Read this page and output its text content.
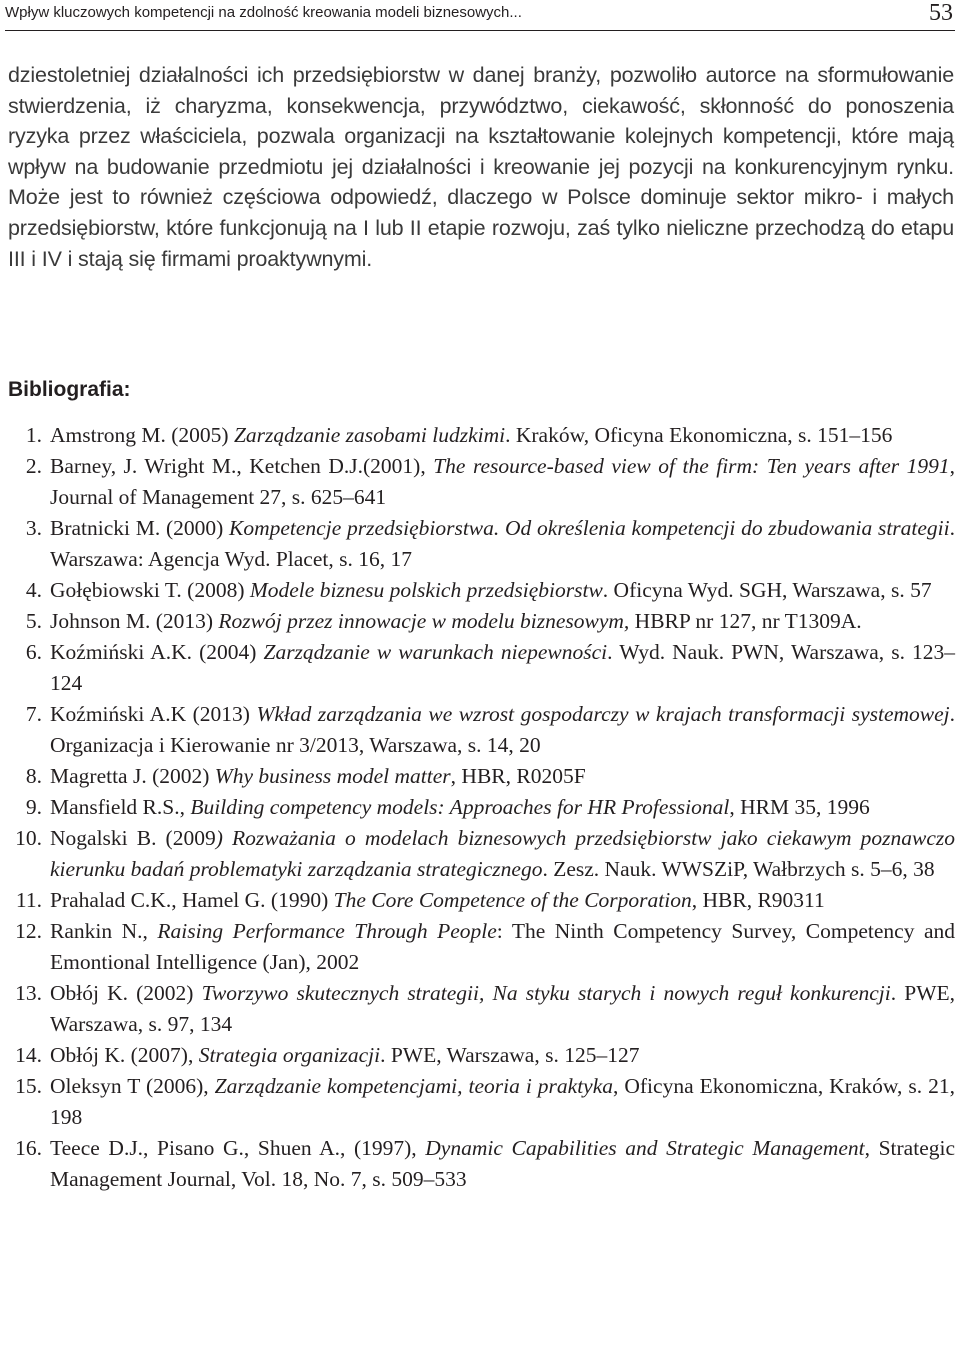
Wpływ kluczowych kompetencji na zdolność kreowania modeli biznesowych...	53

dziestoletniej działalności ich przedsiębiorstw w danej branży, pozwoliło autorce na sformułowanie stwierdzenia, iż charyzma, konsekwencja, przywództwo, ciekawość, skłonność do ponoszenia ryzyka przez właściciela, pozwala organizacji na kształtowanie kolejnych kompetencji, które mają wpływ na budowanie przedmiotu jej działalności i kreowanie jej pozycji na konkurencyjnym rynku. Może jest to również częściowa odpowiedź, dlaczego w Polsce dominuje sektor mikro- i małych przedsiębiorstw, które funkcjonują na I lub II etapie rozwoju, zaś tylko nieliczne przechodzą do etapu III i IV i stają się firmami proaktywnymi.

Bibliografia:
1. Amstrong M. (2005) Zarządzanie zasobami ludzkimi. Kraków, Oficyna Ekonomiczna, s. 151–156
2. Barney, J. Wright M., Ketchen D.J.(2001), The resource-based view of the firm: Ten years after 1991, Journal of Management 27, s. 625–641
3. Bratnicki M. (2000) Kompetencje przedsiębiorstwa. Od określenia kompetencji do zbudowania strategii. Warszawa: Agencja Wyd. Placet, s. 16, 17
4. Gołębiowski T. (2008) Modele biznesu polskich przedsiębiorstw. Oficyna Wyd. SGH, Warszawa, s. 57
5. Johnson M. (2013) Rozwój przez innowacje w modelu biznesowym, HBRP nr 127, nr T1309A.
6. Koźmiński A.K. (2004) Zarządzanie w warunkach niepewności. Wyd. Nauk. PWN, Warszawa, s. 123–124
7. Koźmiński A.K (2013) Wkład zarządzania we wzrost gospodarczy w krajach transformacji systemowej. Organizacja i Kierowanie nr 3/2013, Warszawa, s. 14, 20
8. Magretta J. (2002) Why business model matter, HBR, R0205F
9. Mansfield R.S., Building competency models: Approaches for HR Professional, HRM 35, 1996
10. Nogalski B. (2009) Rozważania o modelach biznesowych przedsiębiorstw jako ciekawym poznawczo kierunku badań problematyki zarządzania strategicznego. Zesz. Nauk. WWSZiP, Wałbrzych s. 5–6, 38
11. Prahalad C.K., Hamel G. (1990) The Core Competence of the Corporation, HBR, R90311
12. Rankin N., Raising Performance Through People: The Ninth Competency Survey, Competency and Emontional Intelligence (Jan), 2002
13. Obłój K. (2002) Tworzywo skutecznych strategii, Na styku starych i nowych reguł konkurencji. PWE, Warszawa, s. 97, 134
14. Obłój K. (2007), Strategia organizacji. PWE, Warszawa, s. 125–127
15. Oleksyn T (2006), Zarządzanie kompetencjami, teoria i praktyka, Oficyna Ekonomiczna, Kraków, s. 21, 198
16. Teece D.J., Pisano G., Shuen A., (1997), Dynamic Capabilities and Strategic Management, Strategic Management Journal, Vol. 18, No. 7, s. 509–533
